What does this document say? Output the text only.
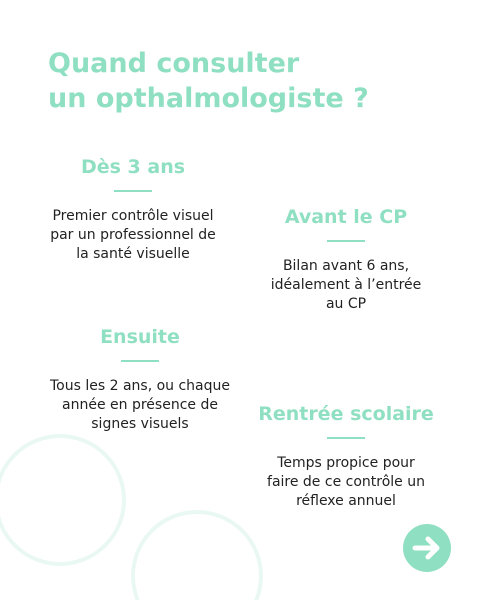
Quand consulter
un opthalmologiste ?
Dès 3 ans
Premier contrôle visuel
par un professionnel de
la santé visuelle
Avant le CP
Bilan avant 6 ans,
idéalement à l’entrée
au CP
Ensuite
Tous les 2 ans, ou chaque
année en présence de
signes visuels	Rentrée scolaire
Temps propice pour
faire de ce contrôle un
réflexe annuel
